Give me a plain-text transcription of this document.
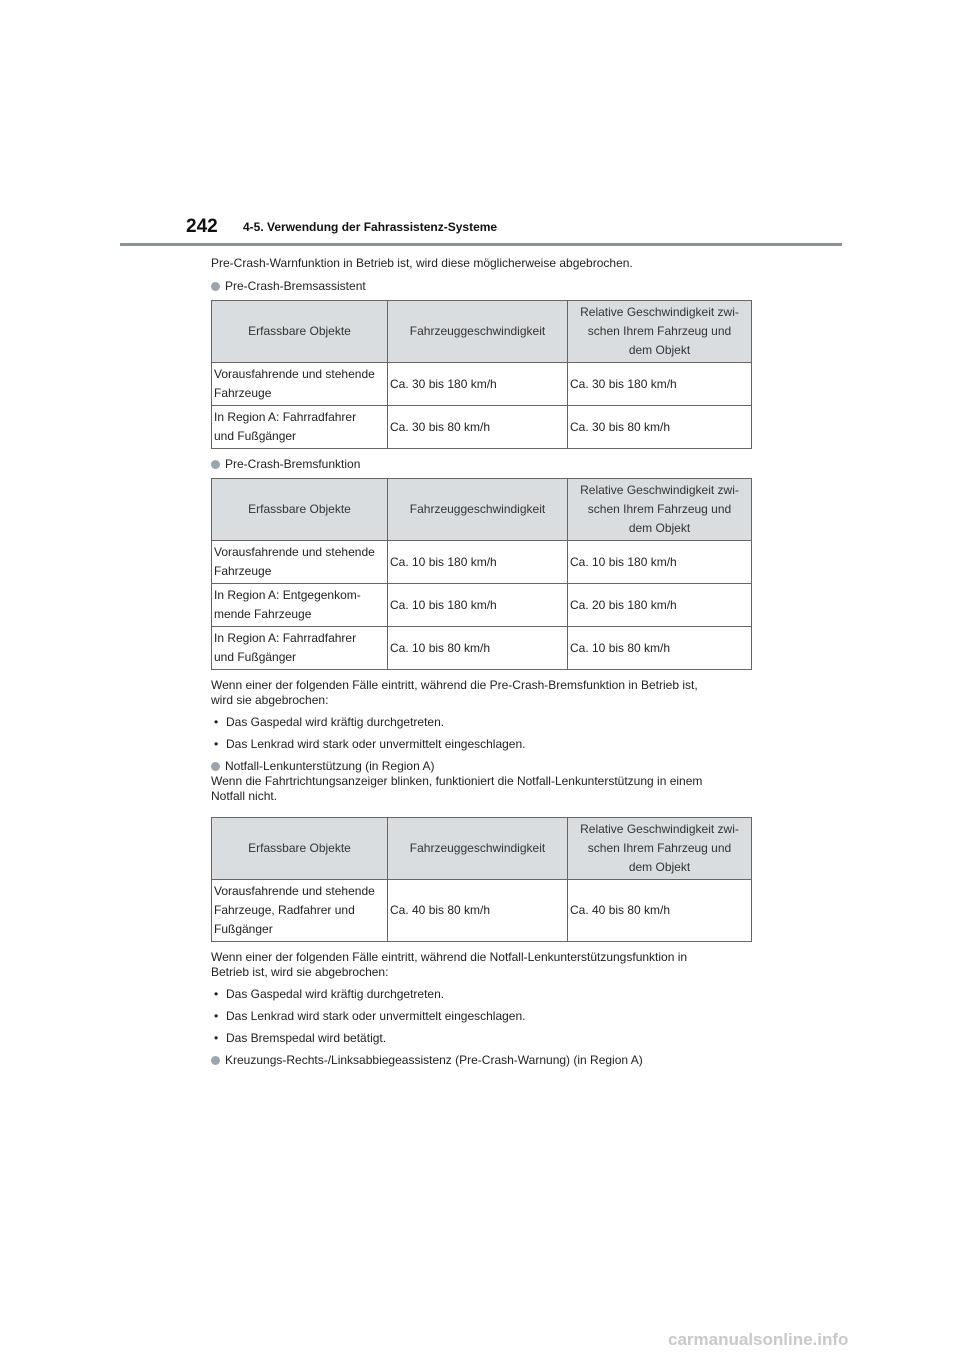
242 4-5. Verwendung der Fahrassistenz-Systeme

Pre-Crash-Warnfunktion in Betrieb ist, wird diese möglicherweise abgebrochen.

Pre-Crash-Bremsassistent
Erfassbare Objekte	Fahrzeuggeschwindigkeit	Relative Geschwindigkeit zwi-
schen Ihrem Fahrzeug und
dem Objekt
Vorausfahrende und stehende
Fahrzeuge	Ca. 30 bis 180 km/h	Ca. 30 bis 180 km/h
In Region A: Fahrradfahrer
und Fußgänger	Ca. 30 bis 80 km/h	Ca. 30 bis 80 km/h
Pre-Crash-Bremsfunktion
Erfassbare Objekte	Fahrzeuggeschwindigkeit	Relative Geschwindigkeit zwi-
schen Ihrem Fahrzeug und
dem Objekt
Vorausfahrende und stehende
Fahrzeuge	Ca. 10 bis 180 km/h	Ca. 10 bis 180 km/h
In Region A: Entgegenkom-
mende Fahrzeuge	Ca. 10 bis 180 km/h	Ca. 20 bis 180 km/h
In Region A: Fahrradfahrer
und Fußgänger	Ca. 10 bis 80 km/h	Ca. 10 bis 80 km/h

Wenn einer der folgenden Fälle eintritt, während die Pre-Crash-Bremsfunktion in Betrieb ist,
wird sie abgebrochen:

• Das Gaspedal wird kräftig durchgetreten.
• Das Lenkrad wird stark oder unvermittelt eingeschlagen.
Notfall-Lenkunterstützung (in Region A)

Wenn die Fahrtrichtungsanzeiger blinken, funktioniert die Notfall-Lenkunterstützung in einem
Notfall nicht.

Erfassbare Objekte	Fahrzeuggeschwindigkeit	Relative Geschwindigkeit zwi-
schen Ihrem Fahrzeug und
dem Objekt
Vorausfahrende und stehende
Fahrzeuge, Radfahrer und
Fußgänger	Ca. 40 bis 80 km/h	Ca. 40 bis 80 km/h

Wenn einer der folgenden Fälle eintritt, während die Notfall-Lenkunterstützungsfunktion in
Betrieb ist, wird sie abgebrochen:

• Das Gaspedal wird kräftig durchgetreten.
• Das Lenkrad wird stark oder unvermittelt eingeschlagen.
• Das Bremspedal wird betätigt.
Kreuzungs-Rechts-/Linksabbiegeassistenz (Pre-Crash-Warnung) (in Region A)
carmanualsonline.info
